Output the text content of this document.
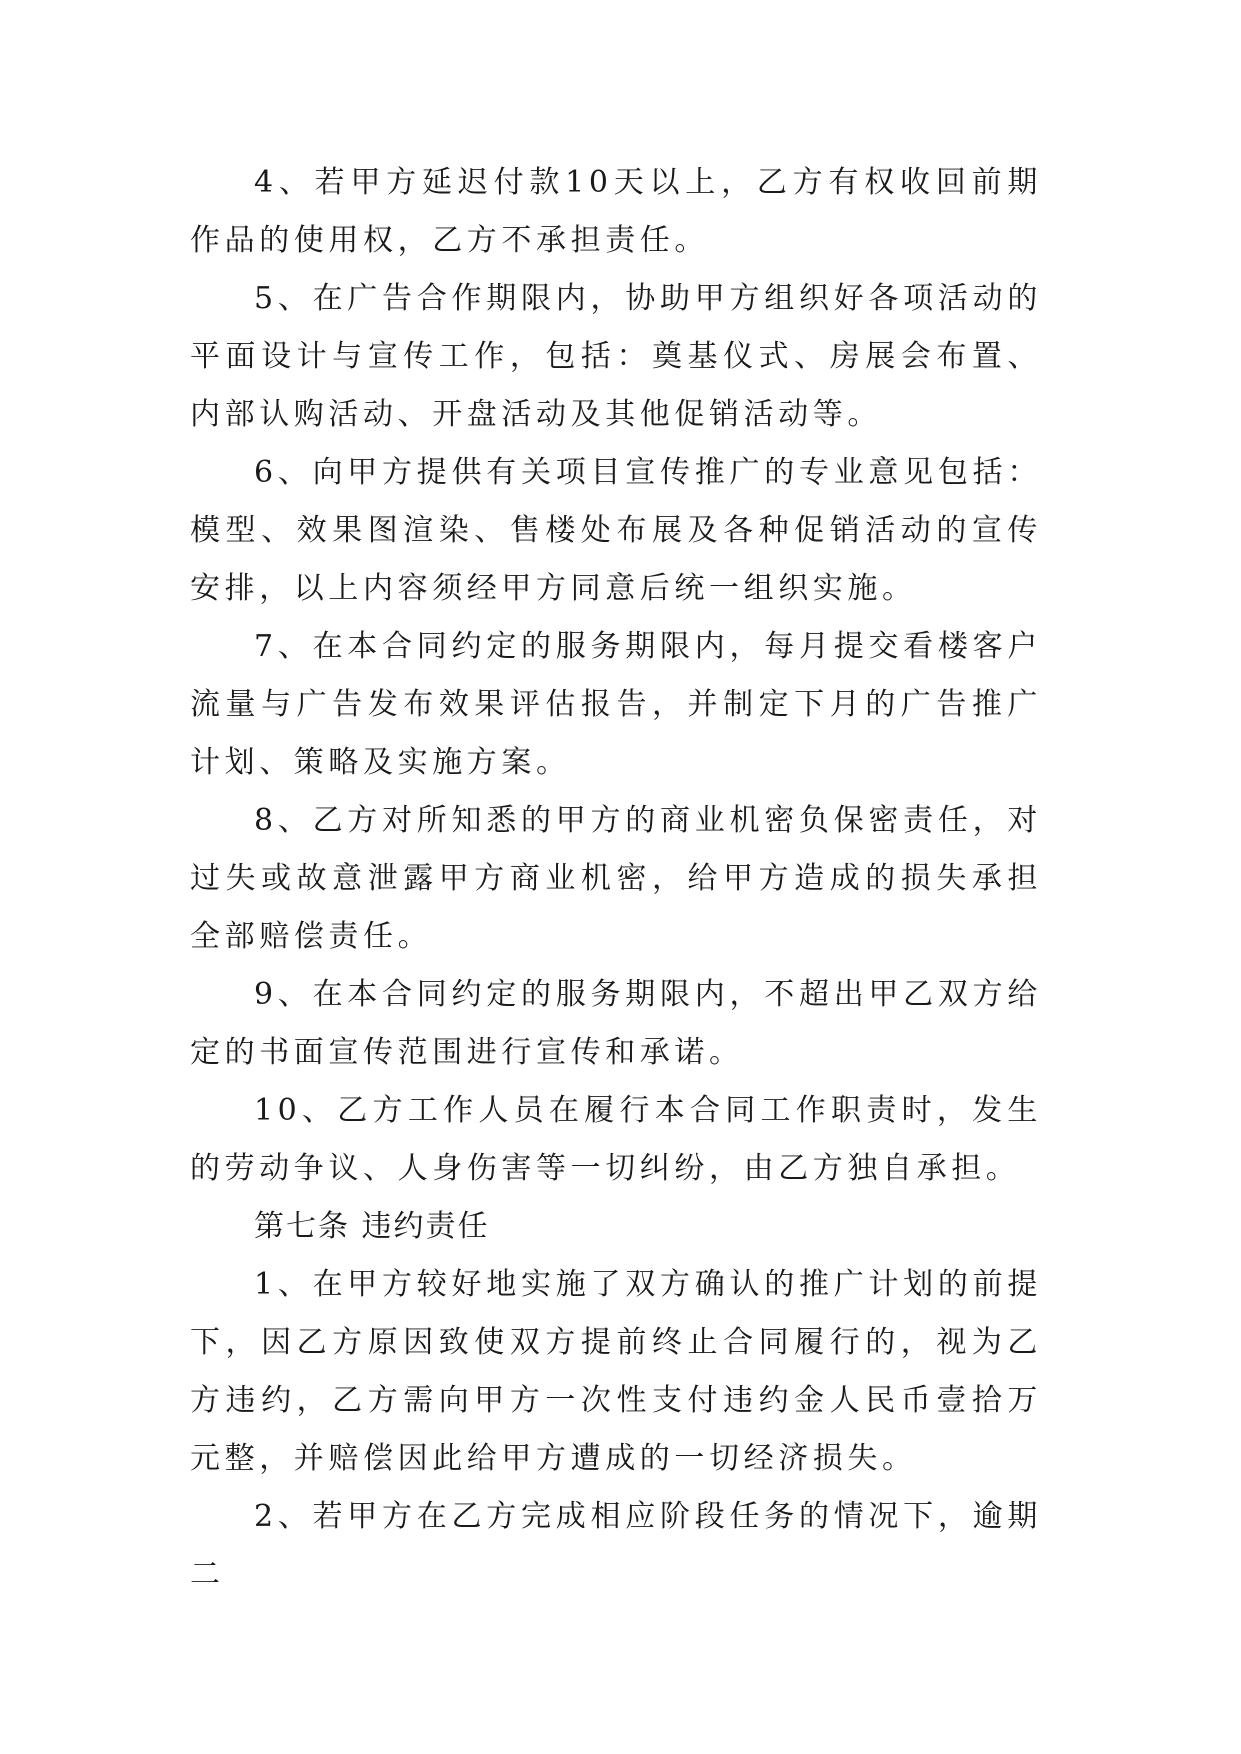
4、若甲方延迟付款10天以上，乙方有权收回前期作品的使用权，乙方不承担责任。

5、在广告合作期限内，协助甲方组织好各项活动的平面设计与宣传工作，包括：奠基仪式、房展会布置、内部认购活动、开盘活动及其他促销活动等。

6、向甲方提供有关项目宣传推广的专业意见包括：模型、效果图渲染、售楼处布展及各种促销活动的宣传安排，以上内容须经甲方同意后统一组织实施。

7、在本合同约定的服务期限内，每月提交看楼客户流量与广告发布效果评估报告，并制定下月的广告推广计划、策略及实施方案。

8、乙方对所知悉的甲方的商业机密负保密责任，对过失或故意泄露甲方商业机密，给甲方造成的损失承担全部赔偿责任。

9、在本合同约定的服务期限内，不超出甲乙双方给定的书面宣传范围进行宣传和承诺。

10、乙方工作人员在履行本合同工作职责时，发生的劳动争议、人身伤害等一切纠纷，由乙方独自承担。

第七条 违约责任

1、在甲方较好地实施了双方确认的推广计划的前提下，因乙方原因致使双方提前终止合同履行的，视为乙方违约，乙方需向甲方一次性支付违约金人民币壹拾万元整，并赔偿因此给甲方遭成的一切经济损失。

2、若甲方在乙方完成相应阶段任务的情况下，逾期二
